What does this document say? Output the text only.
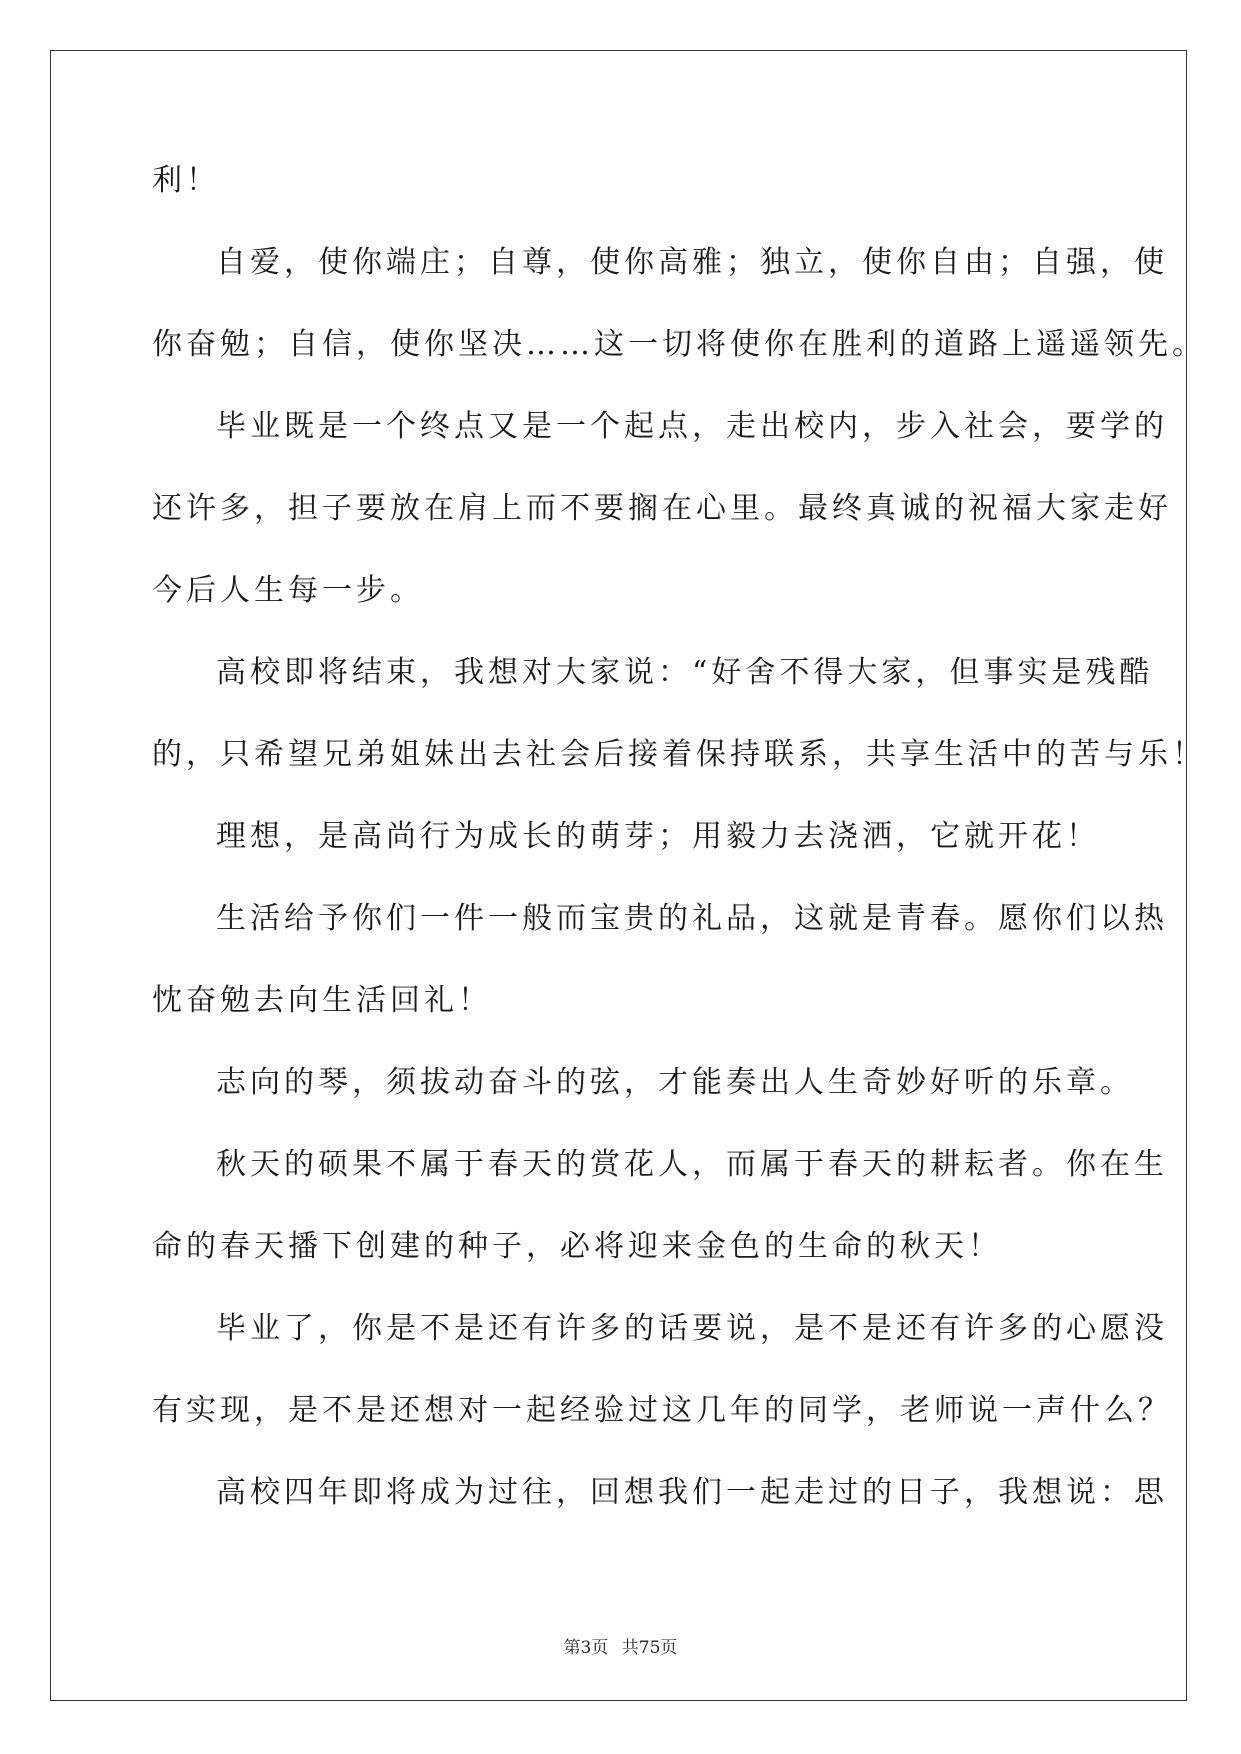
利！
自爱，使你端庄；自尊，使你高雅；独立，使你自由；自强，使
你奋勉；自信，使你坚决……这一切将使你在胜利的道路上遥遥领先。
毕业既是一个终点又是一个起点，走出校内，步入社会，要学的
还许多，担子要放在肩上而不要搁在心里。最终真诚的祝福大家走好
今后人生每一步。
高校即将结束，我想对大家说：“好舍不得大家，但事实是残酷
的，只希望兄弟姐妹出去社会后接着保持联系，共享生活中的苦与乐！
理想，是高尚行为成长的萌芽；用毅力去浇洒，它就开花！
生活给予你们一件一般而宝贵的礼品，这就是青春。愿你们以热
忱奋勉去向生活回礼！
志向的琴，须拔动奋斗的弦，才能奏出人生奇妙好听的乐章。
秋天的硕果不属于春天的赏花人，而属于春天的耕耘者。你在生
命的春天播下创建的种子，必将迎来金色的生命的秋天！
毕业了，你是不是还有许多的话要说，是不是还有许多的心愿没
有实现，是不是还想对一起经验过这几年的同学，老师说一声什么？
高校四年即将成为过往，回想我们一起走过的日子，我想说：思
第3页 共75页
